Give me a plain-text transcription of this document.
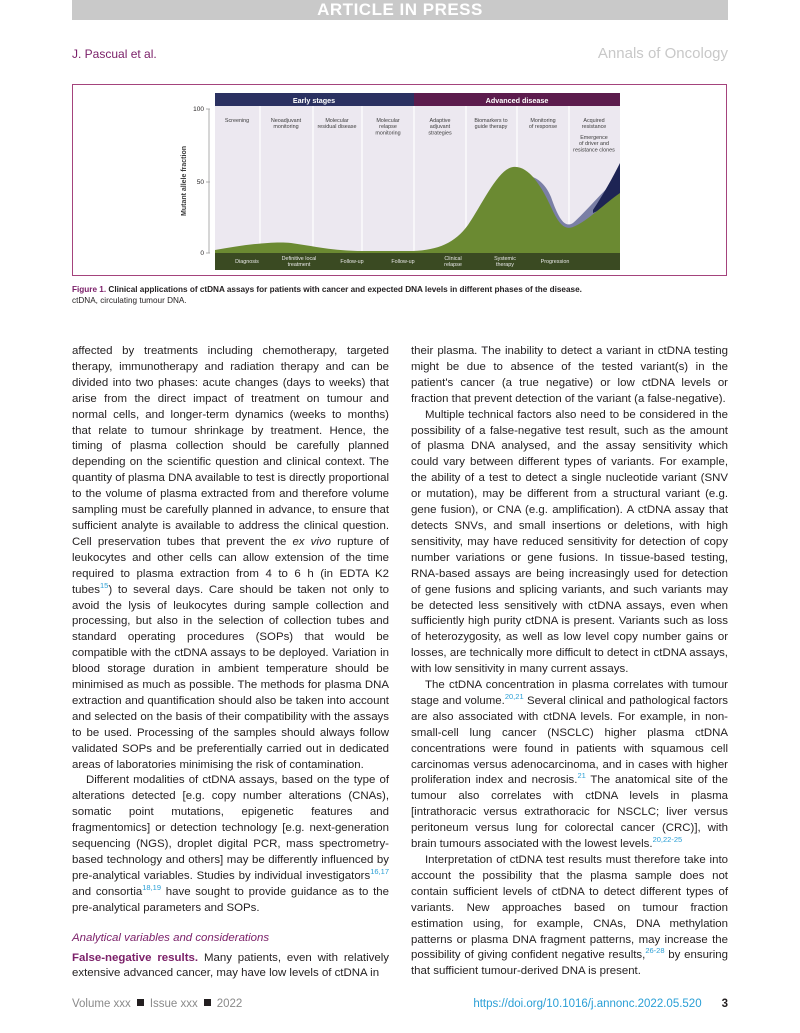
ARTICLE IN PRESS
J. Pascual et al.	Annals of Oncology
Early stages	Advanced disease
100
50
0
Mutant allele fraction
Screening	Neoadjuvant monitoring
Molecular residual disease
Molecular relapse monitoring
Adaptive adjuvant strategies
Biomarkers to guide therapy
Monitoring of response
Acquired resistance
Emergence of driver and resistance clones
Diagnosis	Definitive local treatment
Follow-up	Follow-up	Clinical relapse
Systemic therapy
Progression
Figure 1. Clinical applications of ctDNA assays for patients with cancer and expected DNA levels in different phases of the disease.
ctDNA, circulating tumour DNA.

affected by treatments including chemotherapy, targeted therapy, immunotherapy and radiation therapy and can be divided into two phases: acute changes (days to weeks) that arise from the direct impact of treatment on tumour and normal cells, and longer-term dynamics (weeks to months) that relate to tumour shrinkage by treatment. Hence, the timing of plasma collection should be carefully planned depending on the scientific question and clinical context. The quantity of plasma DNA available to test is directly proportional to the volume of plasma extracted from and therefore volume sampling must be carefully planned in advance, to ensure that sufficient analyte is available to address the clinical question. Cell preservation tubes that prevent the ex vivo rupture of leukocytes and other cells can allow extension of the time required to plasma extraction from 4 to 6 h (in EDTA K2 tubes$^{15}$) to several days. Care should be taken not only to avoid the lysis of leukocytes during sample collection and processing, but also in the selection of collection tubes and standard operating procedures (SOPs) that would be compatible with the ctDNA assays to be deployed. Variation in blood storage duration in ambient temperature should be minimised as much as possible. The methods for plasma DNA extraction and quantification should also be taken into account and selected on the basis of their compatibility with the assays to be used. Processing of the samples should always follow validated SOPs and be preferentially carried out in dedicated areas of laboratories minimising the risk of contamination.

Different modalities of ctDNA assays, based on the type of alterations detected [e.g. copy number alterations (CNAs), somatic point mutations, epigenetic features and fragmentomics] or detection technology [e.g. next-generation sequencing (NGS), droplet digital PCR, mass spectrometry-based technology and others] may be differently influenced by pre-analytical variables. Studies by individual investigators$^{16,17}$ and consortia$^{18,19}$ have sought to provide guidance as to the pre-analytical parameters and SOPs.

Analytical variables and considerations

False-negative results. Many patients, even with relatively extensive advanced cancer, may have low levels of ctDNA in

their plasma. The inability to detect a variant in ctDNA testing might be due to absence of the tested variant(s) in the patient's cancer (a true negative) or low ctDNA levels or fraction that prevent detection of the variant (a false-negative).

Multiple technical factors also need to be considered in the possibility of a false-negative test result, such as the amount of plasma DNA analysed, and the assay sensitivity which could vary between different types of variants. For example, the ability of a test to detect a single nucleotide variant (SNV or mutation), may be different from a structural variant (e.g. gene fusion), or CNA (e.g. amplification). A ctDNA assay that detects SNVs, and small insertions or deletions, with high sensitivity, may have reduced sensitivity for detection of copy number variations or gene fusions. In tissue-based testing, RNA-based assays are being increasingly used for detection of gene fusions and splicing variants, and such variants may be detected less sensitively with ctDNA assays, even when sufficiently high purity ctDNA is present. Variants such as loss of heterozygosity, as well as low level copy number gains or losses, are technically more difficult to detect in ctDNA assays, with low sensitivity in many current assays.

The ctDNA concentration in plasma correlates with tumour stage and volume.$^{20,21}$ Several clinical and pathological factors are also associated with ctDNA levels. For example, in non-small-cell lung cancer (NSCLC) higher plasma ctDNA concentrations were found in patients with squamous cell carcinomas versus adenocarcinoma, and in cases with higher proliferation index and necrosis.$^{21}$ The anatomical site of the tumour also correlates with ctDNA levels in plasma [intrathoracic versus extrathoracic for NSCLC; liver versus peritoneum versus lung for colorectal cancer (CRC)], with brain tumours associated with the lowest levels.$^{20,22-25}$

Interpretation of ctDNA test results must therefore take into account the possibility that the plasma sample does not contain sufficient levels of ctDNA to detect different types of variants. New approaches based on tumour fraction estimation using, for example, CNAs, DNA methylation patterns or plasma DNA fragment patterns, may increase the possibility of giving confident negative results,$^{26-28}$ by ensuring that sufficient tumour-derived DNA is present.

Volume xxx Issue xxx 2022	https://doi.org/10.1016/j.annonc.2022.05.520 3
